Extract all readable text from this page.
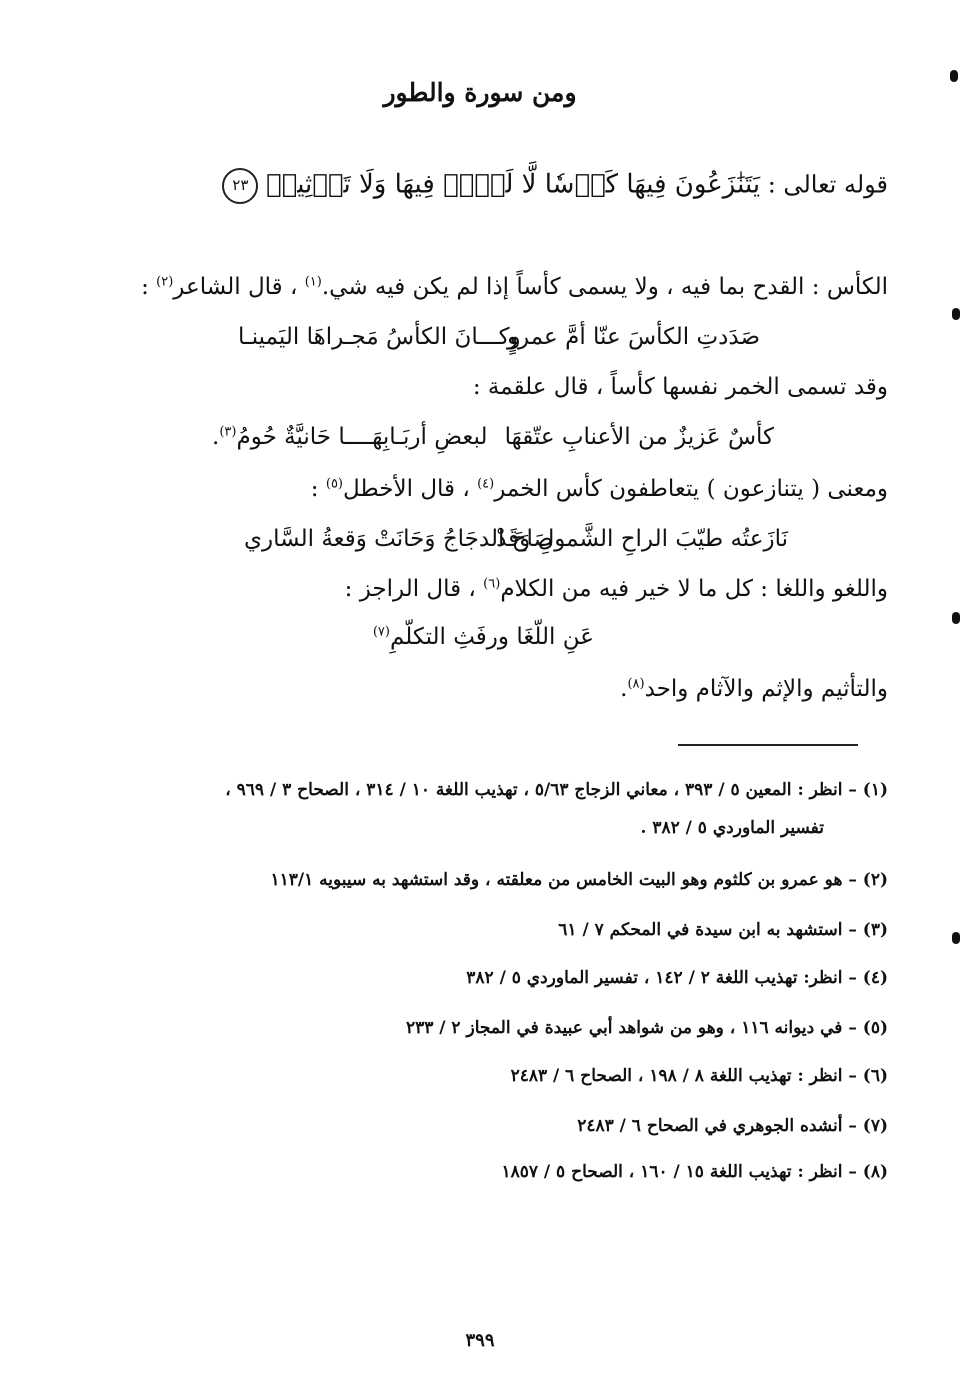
ومن سورة والطور
قوله تعالى : يَتَنَٰزَعُونَ فِيهَا كَأۡسٗا لَّا لَغۡوٞ فِيهَا وَلَا تَأۡثِيمٞ ٢٣
الكأس : القدح بما فيه ، ولا يسمى كأساً إذا لم يكن فيه شي.$^{(١)}$ ، قال الشاعر$^{(٢)}$ :
صَدَدتِ الكأسَ عنّا أمَّ عمروٍ
وكـــانَ الكأسُ مَجـراهَا اليَمينـا
وقد تسمى الخمر نفسها كأساً ، قال علقمة :
كأسٌ عَزيزٌ من الأعنابِ عتّقهَا
لبعضِ أربَـابِهَــــا حَانيَّةٌ حُومُ$^{(٣)}$.
ومعنى ( يتنازعون ) يتعاطفون كأس الخمر$^{(٤)}$ ، قال الأخطل$^{(٥)}$ :
نَازَعتُه طيّبَ الراحِ الشَّمولِ وَقَدْ
صَاحَ الدجَاجُ وَحَانَتْ وَقعةُ السَّاري
واللغو واللغا : كل ما لا خير فيه من الكلام$^{(٦)}$ ، قال الراجز :
عَنِ اللّغَا ورفَثِ التكلّمِ$^{(٧)}$
والتأثيم والإثم والآثام واحد$^{(٨)}$.
(١) – انظر : المعين ٥ / ٣٩٣ ، معاني الزجاج ٥/٦٣ ، تهذيب اللغة ١٠ / ٣١٤ ، الصحاح ٣ / ٩٦٩ ،
تفسير الماوردي ٥ / ٣٨٢ .
(٢) – هو عمرو بن كلثوم وهو البيت الخامس من معلقته ، وقد استشهد به سيبويه ١١٣/١
(٣) – استشهد به ابن سيدة في المحكم ٧ / ٦١
(٤) – انظر: تهذيب اللغة ٢ / ١٤٢ ، تفسير الماوردي ٥ / ٣٨٢
(٥) – في ديوانه ١١٦ ، وهو من شواهد أبي عبيدة في المجاز ٢ / ٢٣٣
(٦) – انظر : تهذيب اللغة ٨ / ١٩٨ ، الصحاح ٦ / ٢٤٨٣
(٧) – أنشده الجوهري في الصحاح ٦ / ٢٤٨٣
(٨) – انظر : تهذيب اللغة ١٥ / ١٦٠ ، الصحاح ٥ / ١٨٥٧
٣٩٩
